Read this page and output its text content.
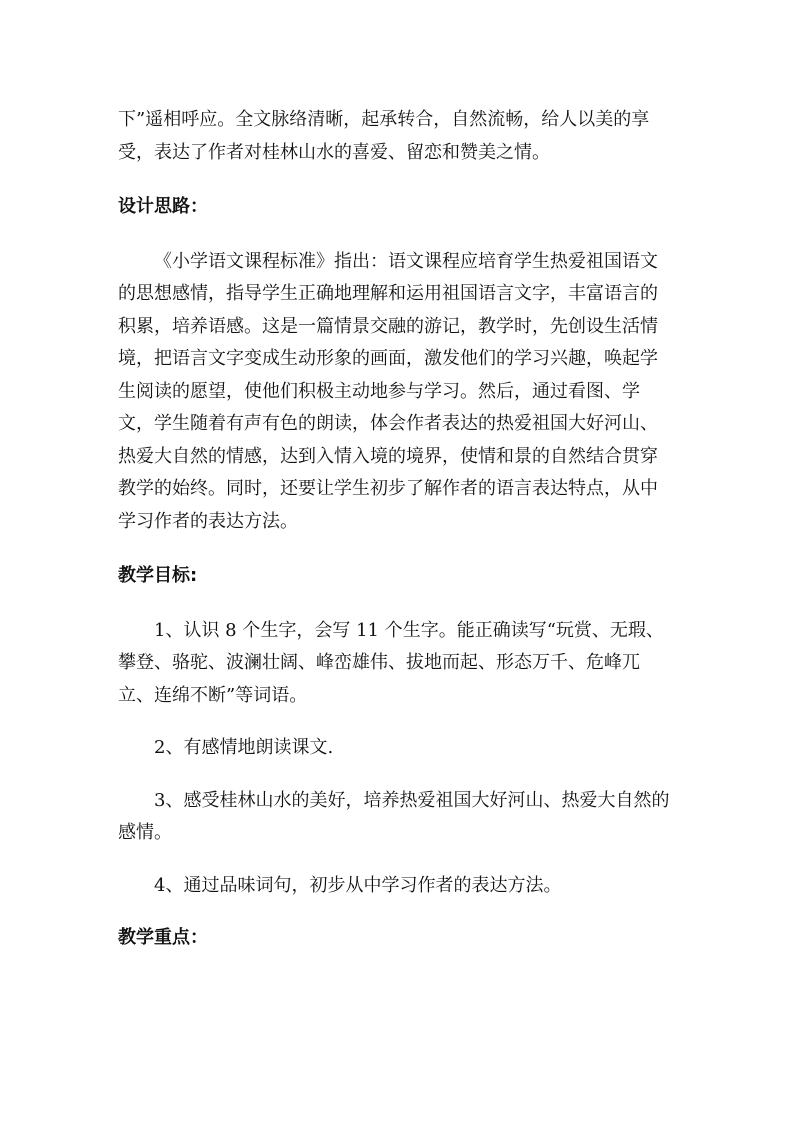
下”遥相呼应。全文脉络清晰，起承转合，自然流畅，给人以美的享受，表达了作者对桂林山水的喜爱、留恋和赞美之情。

设计思路：

《小学语文课程标准》指出：语文课程应培育学生热爱祖国语文的思想感情，指导学生正确地理解和运用祖国语言文字，丰富语言的积累，培养语感。这是一篇情景交融的游记，教学时，先创设生活情境，把语言文字变成生动形象的画面，激发他们的学习兴趣，唤起学生阅读的愿望，使他们积极主动地参与学习。然后，通过看图、学文，学生随着有声有色的朗读，体会作者表达的热爱祖国大好河山、热爱大自然的情感，达到入情入境的境界，使情和景的自然结合贯穿教学的始终。同时，还要让学生初步了解作者的语言表达特点，从中学习作者的表达方法。

教学目标:

1、认识 8 个生字，会写 11 个生字。能正确读写“玩赏、无瑕、攀登、骆驼、波澜壮阔、峰峦雄伟、拔地而起、形态万千、危峰兀立、连绵不断”等词语。

2、有感情地朗读课文.

3、感受桂林山水的美好，培养热爱祖国大好河山、热爱大自然的感情。

4、通过品味词句，初步从中学习作者的表达方法。

教学重点：
